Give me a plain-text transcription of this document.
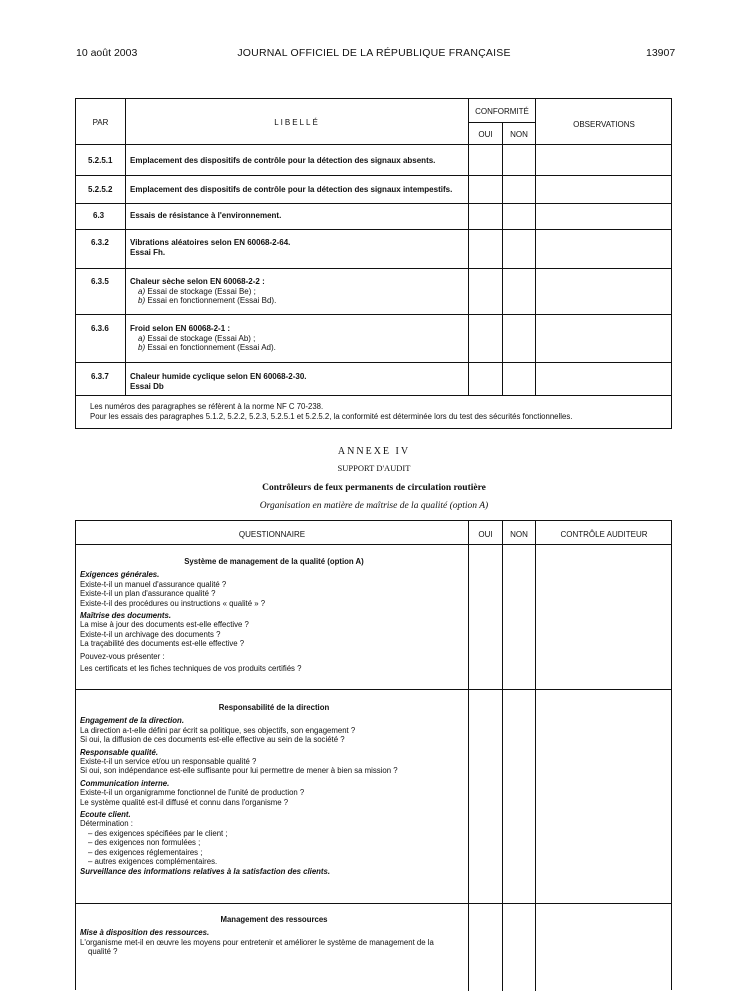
10 août 2003	JOURNAL OFFICIEL DE LA RÉPUBLIQUE FRANÇAISE	13907
PAR	LIBELLÉ
CONFORMITÉ
OUI	NON
OBSERVATIONS
5.2.5.1 Emplacement des dispositifs de contrôle pour la détection des signaux absents.
5.2.5.2 Emplacement des dispositifs de contrôle pour la détection des signaux intempestifs.
6.3	Essais de résistance à l'environnement.
6.3.2	Vibrations aléatoires selon EN 60068-2-64.
Essai Fh.
6.3.5	Chaleur sèche selon EN 60068-2-2 :
a) Essai de stockage (Essai Be) ;
b) Essai en fonctionnement (Essai Bd).
6.3.6	Froid selon EN 60068-2-1 :
a) Essai de stockage (Essai Ab) ;
b) Essai en fonctionnement (Essai Ad).
6.3.7	Chaleur humide cyclique selon EN 60068-2-30.
Essai Db
Les numéros des paragraphes se réfèrent à la norme NF C 70-238.
Pour les essais des paragraphes 5.1.2, 5.2.2, 5.2.3, 5.2.5.1 et 5.2.5.2, la conformité est déterminée lors du test des sécurités fonctionnelles.
ANNEXE IV
SUPPORT D'AUDIT
Contrôleurs de feux permanents de circulation routière
Organisation en matière de maîtrise de la qualité (option A)
QUESTIONNAIRE	OUI	NON	CONTRÔLE AUDITEUR
Système de management de la qualité (option A)
Exigences générales.
Existe-t-il un manuel d'assurance qualité ?
Existe-t-il un plan d'assurance qualité ?
Existe-t-il des procédures ou instructions « qualité » ?
Maîtrise des documents.
La mise à jour des documents est-elle effective ?
Existe-t-il un archivage des documents ?
La traçabilité des documents est-elle effective ?
Pouvez-vous présenter :
Les certificats et les fiches techniques de vos produits certifiés ?
Responsabilité de la direction
Engagement de la direction.
La direction a-t-elle défini par écrit sa politique, ses objectifs, son engagement ?
Si oui, la diffusion de ces documents est-elle effective au sein de la société ?
Responsable qualité.
Existe-t-il un service et/ou un responsable qualité ?
Si oui, son indépendance est-elle suffisante pour lui permettre de mener à bien sa mission ?
Communication interne.
Existe-t-il un organigramme fonctionnel de l'unité de production ?
Le système qualité est-il diffusé et connu dans l'organisme ?
Ecoute client.
Détermination :
– des exigences spécifiées par le client ;
– des exigences non formulées ;
– des exigences réglementaires ;
– autres exigences complémentaires.
Surveillance des informations relatives à la satisfaction des clients.
Management des ressources
Mise à disposition des ressources.
L'organisme met-il en œuvre les moyens pour entretenir et améliorer le système de management de la
qualité ?
